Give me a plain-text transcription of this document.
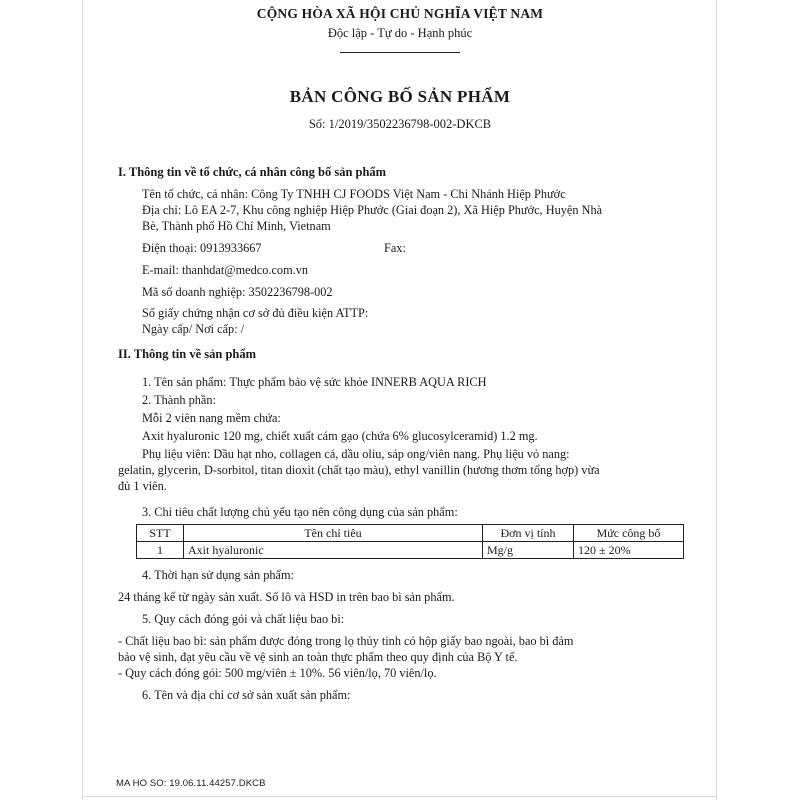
CỘNG HÒA XÃ HỘI CHỦ NGHĨA VIỆT NAM
Độc lập - Tự do - Hạnh phúc
BẢN CÔNG BỐ SẢN PHẨM
Số: 1/2019/3502236798-002-DKCB
I. Thông tin về tổ chức, cá nhân công bố sản phẩm
Tên tổ chức, cá nhân: Công Ty TNHH CJ FOODS Việt Nam - Chi Nhánh Hiệp Phước
Địa chỉ: Lô EA 2-7, Khu công nghiệp Hiệp Phước (Giai đoạn 2), Xã Hiệp Phước, Huyện Nhà
Bè, Thành phố Hồ Chí Minh, Vietnam
Điện thoại: 0913933667	Fax:
E-mail: thanhdat@medco.com.vn
Mã số doanh nghiệp: 3502236798-002
Số giấy chứng nhận cơ sở đủ điều kiện ATTP:
Ngày cấp/ Nơi cấp: /
II. Thông tin về sản phẩm
1. Tên sản phẩm: Thực phẩm bảo vệ sức khỏe INNERB AQUA RICH
2. Thành phần:
Mỗi 2 viên nang mềm chứa:
Axit hyaluronic 120 mg, chiết xuất cám gạo (chứa 6% glucosylceramid) 1.2 mg.
Phụ liệu viên: Dầu hạt nho, collagen cá, dầu oliu, sáp ong/viên nang. Phụ liệu vỏ nang:
gelatin, glycerin, D-sorbitol, titan dioxit (chất tạo màu), ethyl vanillin (hương thơm tổng hợp) vừa
đủ 1 viên.
3. Chỉ tiêu chất lượng chủ yếu tạo nên công dụng của sản phẩm:
STT	Tên chỉ tiêu	Đơn vị tính	Mức công bố
1	Axit hyaluronic	Mg/g	120 ± 20%
4. Thời hạn sử dụng sản phẩm:
24 tháng kể từ ngày sản xuất. Số lô và HSD in trên bao bì sản phẩm.
5. Quy cách đóng gói và chất liệu bao bì:
- Chất liệu bao bì: sản phẩm được đóng trong lọ thủy tinh có hộp giấy bao ngoài, bao bì đảm
bảo vệ sinh, đạt yêu cầu về vệ sinh an toàn thực phẩm theo quy định của Bộ Y tế.
- Quy cách đóng gói: 500 mg/viên ± 10%. 56 viên/lọ, 70 viên/lọ.
6. Tên và địa chỉ cơ sở sản xuất sản phẩm:
MA HO SO: 19.06.11.44257.DKCB
